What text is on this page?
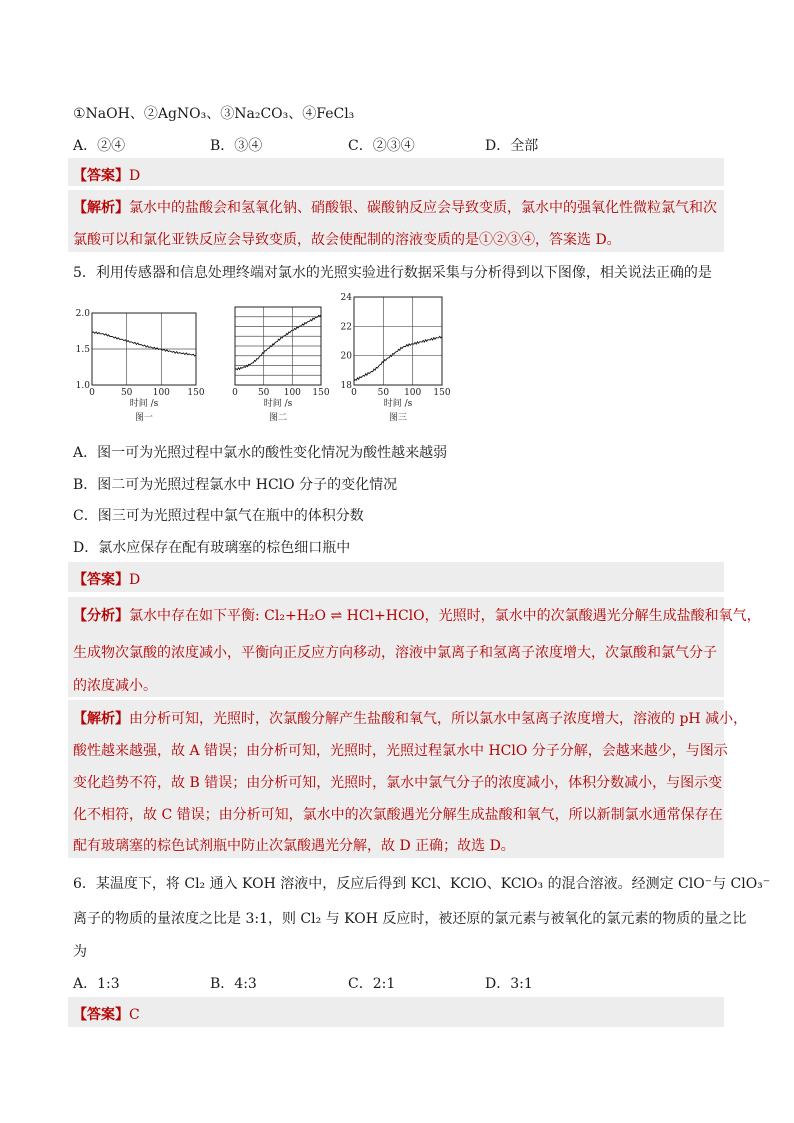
①NaOH、②AgNO₃、③Na₂CO₃、④FeCl₃
A．②④	B．③④	C．②③④	D．全部
【答案】D
【解析】氯水中的盐酸会和氢氧化钠、硝酸银、碳酸钠反应会导致变质，氯水中的强氧化性微粒氯气和次
氯酸可以和氯化亚铁反应会导致变质，故会使配制的溶液变质的是①②③④，答案选 D。
5．利用传感器和信息处理终端对氯水的光照实验进行数据采集与分析得到以下图像，相关说法正确的是
0	50 100 150
1.0
1.5
2.0
时间 /s
图一
0 50 100 150
时间 /s
图二
0 50 100 150
18
20
22
24
时间 /s
图三
A．图一可为光照过程中氯水的酸性变化情况为酸性越来越弱
B．图二可为光照过程氯水中 HClO 分子的变化情况
C．图三可为光照过程中氯气在瓶中的体积分数
D．氯水应保存在配有玻璃塞的棕色细口瓶中
【答案】D
【分析】氯水中存在如下平衡: Cl₂+H₂O ⇌ HCl+HClO，光照时，氯水中的次氯酸遇光分解生成盐酸和氧气，
生成物次氯酸的浓度减小，平衡向正反应方向移动，溶液中氯离子和氢离子浓度增大，次氯酸和氯气分子
的浓度减小。
【解析】由分析可知，光照时，次氯酸分解产生盐酸和氧气，所以氯水中氢离子浓度增大，溶液的 pH 减小，
酸性越来越强，故 A 错误；由分析可知，光照时，光照过程氯水中 HClO 分子分解，会越来越少，与图示
变化趋势不符，故 B 错误；由分析可知，光照时，氯水中氯气分子的浓度减小，体积分数减小，与图示变
化不相符，故 C 错误；由分析可知，氯水中的次氯酸遇光分解生成盐酸和氧气，所以新制氯水通常保存在
配有玻璃塞的棕色试剂瓶中防止次氯酸遇光分解，故 D 正确；故选 D。
6．某温度下，将 Cl₂ 通入 KOH 溶液中，反应后得到 KCl、KClO、KClO₃ 的混合溶液。经测定 ClO⁻与 ClO₃⁻
离子的物质的量浓度之比是 3:1，则 Cl₂ 与 KOH 反应时，被还原的氯元素与被氧化的氯元素的物质的量之比
为
A．1:3	B．4:3	C．2:1	D．3:1
【答案】C
